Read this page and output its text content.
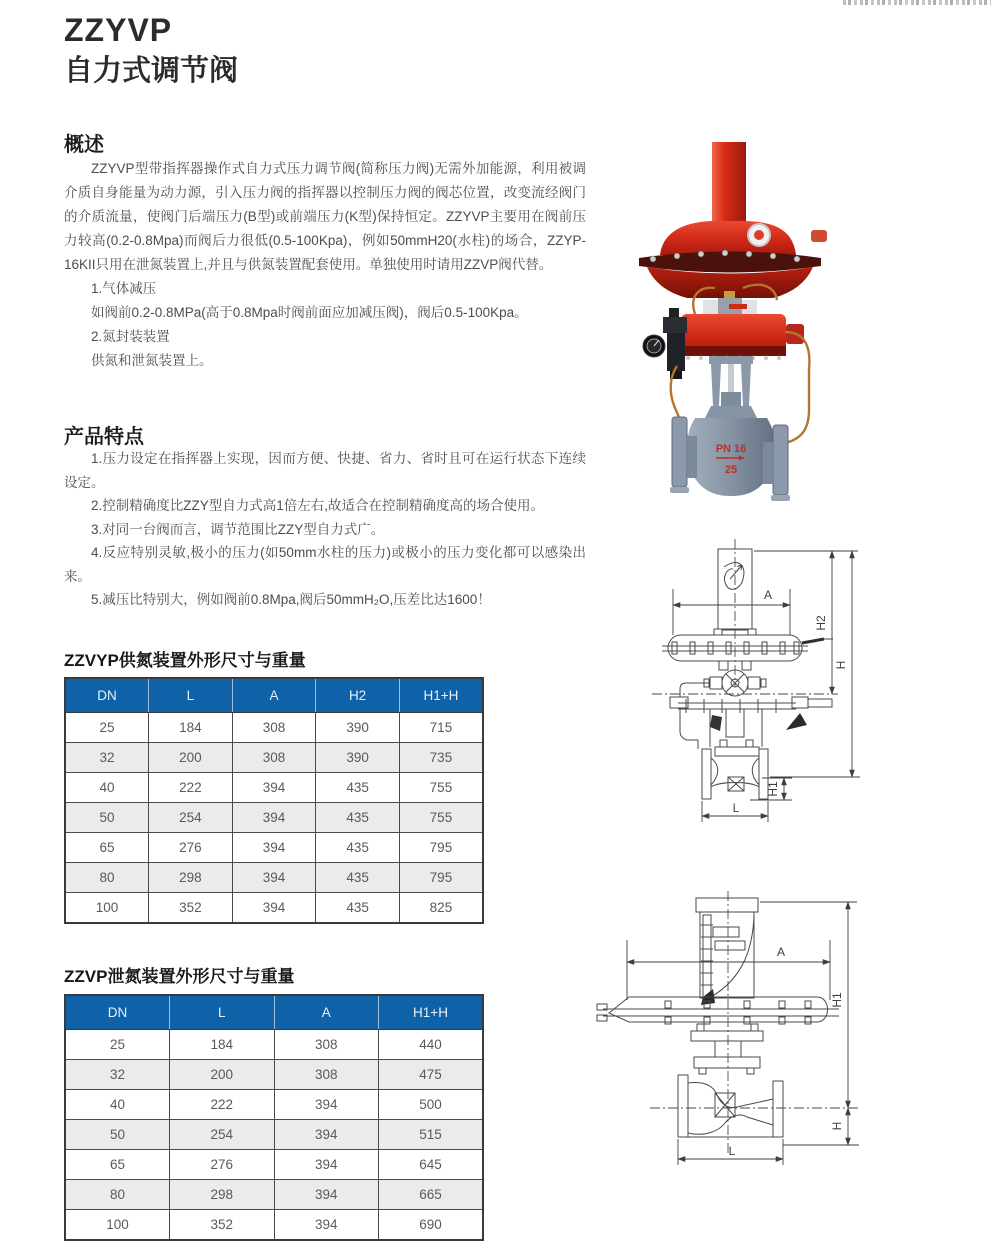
ZZYVP
自力式调节阀
概述

ZZYVP型带指挥器操作式自力式压力调节阀(简称压力阀)无需外加能源，利用被调介质自身能量为动力源，引入压力阀的指挥器以控制压力阀的阀芯位置，改变流经阀门的介质流量，使阀门后端压力(B型)或前端压力(K型)保持恒定。ZZYVP主要用在阀前压力较高(0.2-0.8Mpa)而阀后力很低(0.5-100Kpa)，例如50mmH20(水柱)的场合，ZZYP-16KII只用在泄氮装置上,并且与供氮装置配套使用。单独使用时请用ZZVP阀代替。

1.气体减压

如阀前0.2-0.8MPa(高于0.8Mpa时阀前面应加减压阀)，阀后0.5-100Kpa。

2.氮封装装置

供氮和泄氮装置上。

产品特点

1.压力设定在指挥器上实现，因而方便、快捷、省力、省时且可在运行状态下连续设定。

2.控制精确度比ZZY型自力式高1倍左右,故适合在控制精确度高的场合使用。

3.对同一台阀而言，调节范围比ZZY型自力式广。

4.反应特别灵敏,极小的压力(如50mm水柱的压力)或极小的压力变化都可以感染出来。

5.减压比特别大，例如阀前0.8Mpa,阀后50mmH₂O,压差比达1600！

ZZVYP供氮装置外形尺寸与重量
DN	L	A	H2	H1+H
25	184	308	390	715
32	200	308	390	735
40	222	394	435	755
50	254	394	435	755
65	276	394	435	795
80	298	394	435	795
100	352	394	435	825
ZZVP泄氮装置外形尺寸与重量
DN	L	A	H1+H
25	184	308	440
32	200	308	475
40	222	394	500
50	254	394	515
65	276	394	645
80	298	394	665
100	352	394	690
PN 16
25
A
H2
H
H1
L
A
H1
H
L
